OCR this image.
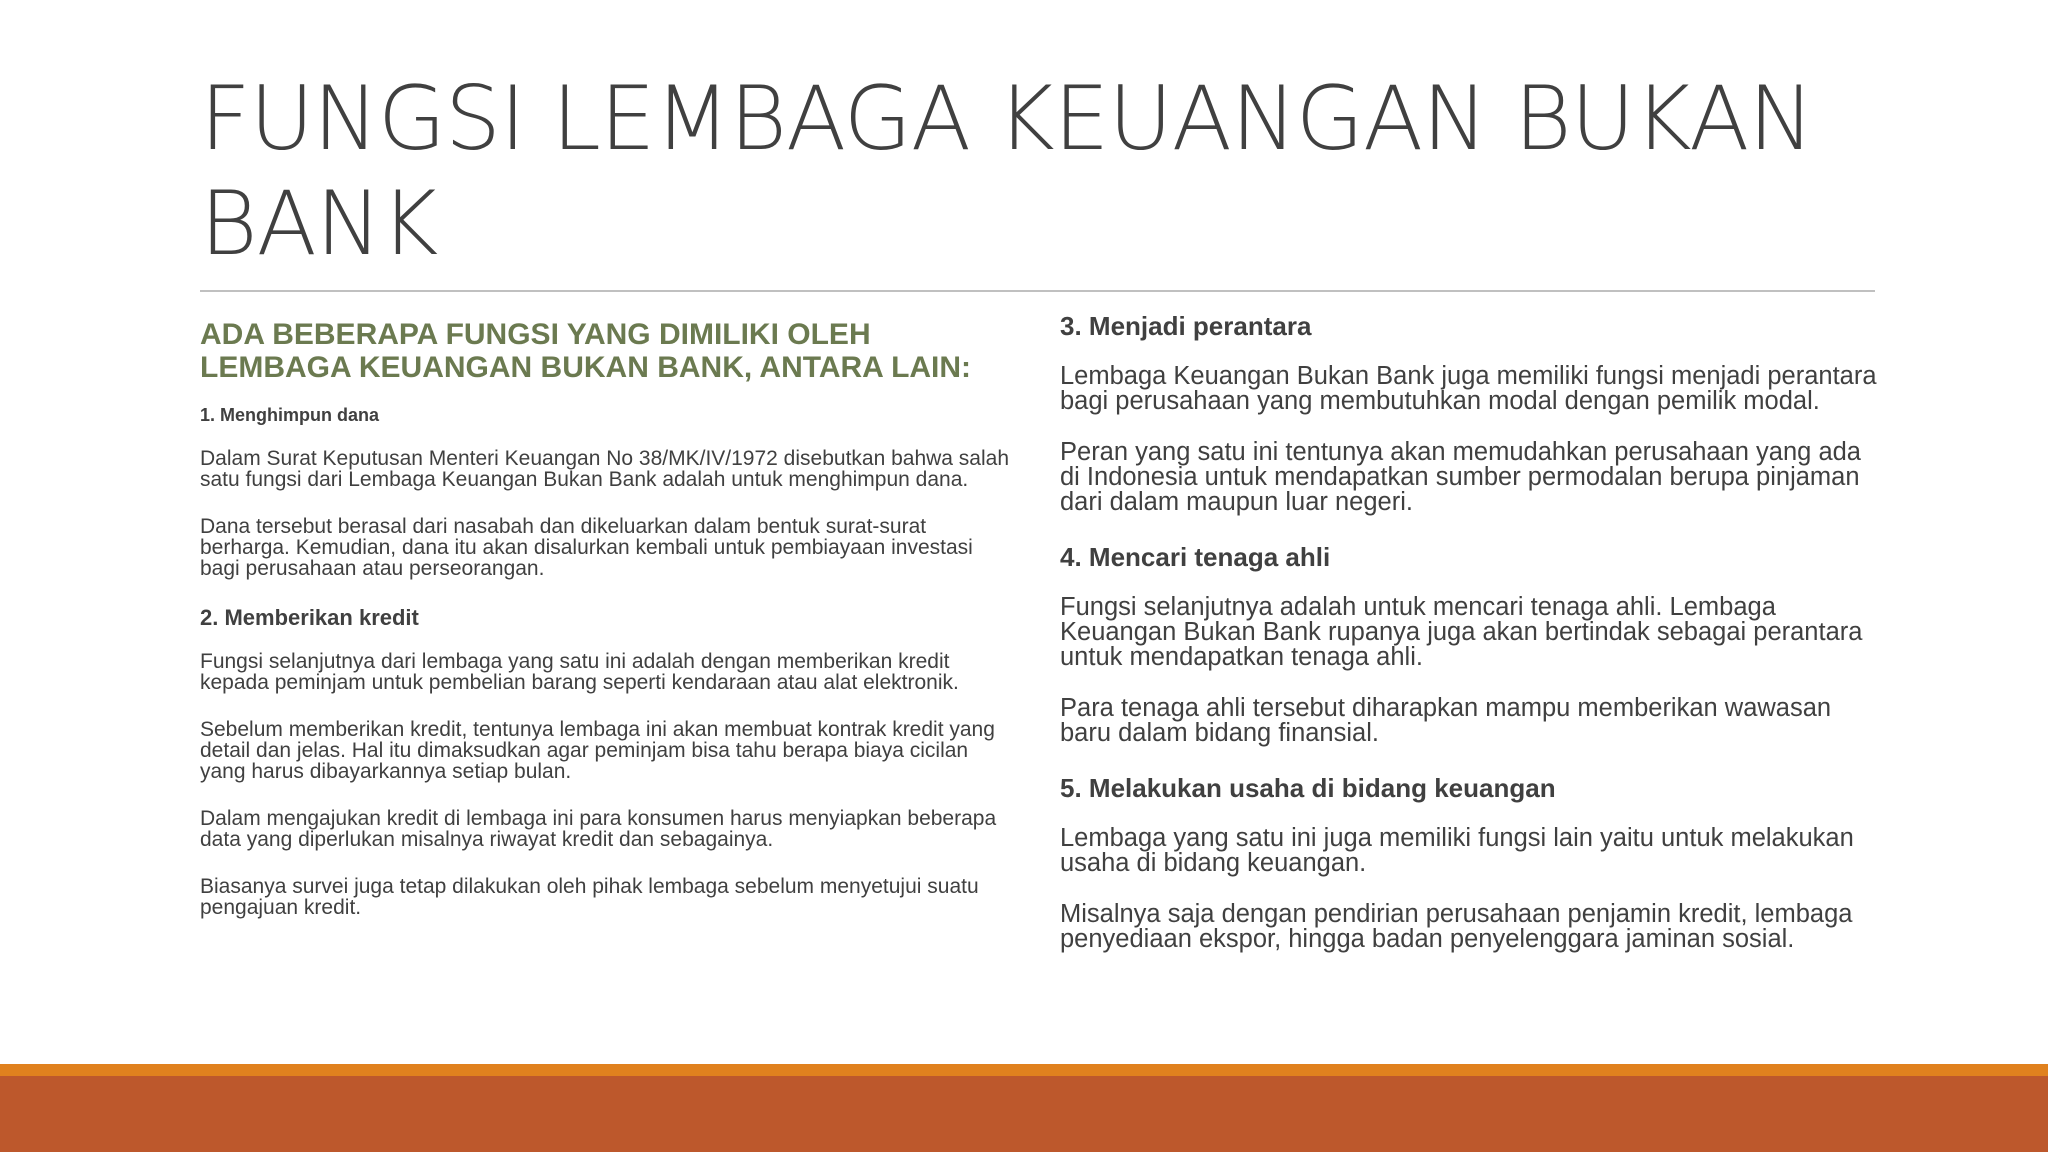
FUNGSI LEMBAGA KEUANGAN BUKAN BANK

ADA BEBERAPA FUNGSI YANG DIMILIKI OLEH LEMBAGA KEUANGAN BUKAN BANK, ANTARA LAIN:

1. Menghimpun dana

Dalam Surat Keputusan Menteri Keuangan No 38/MK/IV/1972 disebutkan bahwa salah satu fungsi dari Lembaga Keuangan Bukan Bank adalah untuk menghimpun dana.

Dana tersebut berasal dari nasabah dan dikeluarkan dalam bentuk surat-surat berharga. Kemudian, dana itu akan disalurkan kembali untuk pembiayaan investasi bagi perusahaan atau perseorangan.

2. Memberikan kredit

Fungsi selanjutnya dari lembaga yang satu ini adalah dengan memberikan kredit kepada peminjam untuk pembelian barang seperti kendaraan atau alat elektronik.

Sebelum memberikan kredit, tentunya lembaga ini akan membuat kontrak kredit yang detail dan jelas. Hal itu dimaksudkan agar peminjam bisa tahu berapa biaya cicilan yang harus dibayarkannya setiap bulan.

Dalam mengajukan kredit di lembaga ini para konsumen harus menyiapkan beberapa data yang diperlukan misalnya riwayat kredit dan sebagainya.

Biasanya survei juga tetap dilakukan oleh pihak lembaga sebelum menyetujui suatu pengajuan kredit.

3. Menjadi perantara

Lembaga Keuangan Bukan Bank juga memiliki fungsi menjadi perantara bagi perusahaan yang membutuhkan modal dengan pemilik modal.

Peran yang satu ini tentunya akan memudahkan perusahaan yang ada di Indonesia untuk mendapatkan sumber permodalan berupa pinjaman dari dalam maupun luar negeri.

4. Mencari tenaga ahli

Fungsi selanjutnya adalah untuk mencari tenaga ahli. Lembaga Keuangan Bukan Bank rupanya juga akan bertindak sebagai perantara untuk mendapatkan tenaga ahli.

Para tenaga ahli tersebut diharapkan mampu memberikan wawasan baru dalam bidang finansial.

5. Melakukan usaha di bidang keuangan

Lembaga yang satu ini juga memiliki fungsi lain yaitu untuk melakukan usaha di bidang keuangan.

Misalnya saja dengan pendirian perusahaan penjamin kredit, lembaga penyediaan ekspor, hingga badan penyelenggara jaminan sosial.
